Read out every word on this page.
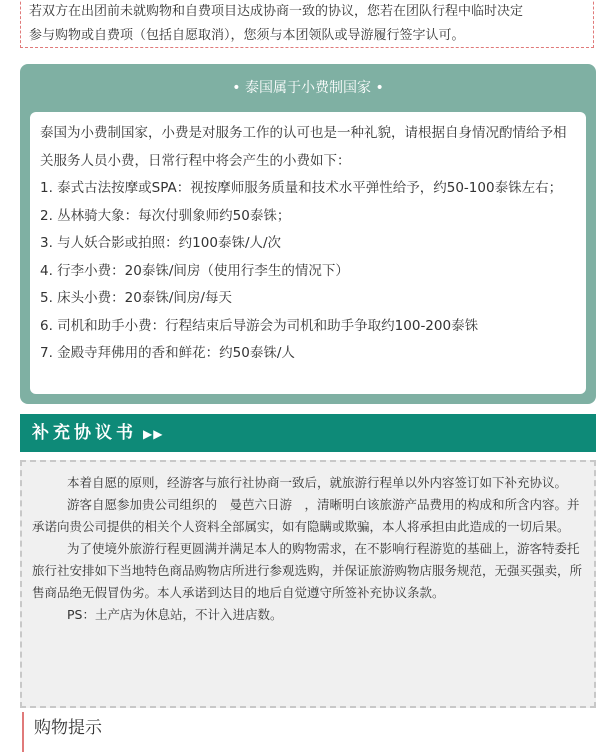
若双方在出团前未就购物和自费项目达成协商一致的协议，您若在团队行程中临时决定

参与购物或自费项（包括自愿取消），您须与本团领队或导游履行签字认可。

• 泰国属于小费制国家 •

泰国为小费制国家，小费是对服务工作的认可也是一种礼貌，请根据自身情况酌情给予相关服务人员小费，日常行程中将会产生的小费如下：

1. 泰式古法按摩或SPA：视按摩师服务质量和技术水平弹性给予，约50-100泰铢左右；

2. 丛林骑大象：每次付驯象师约50泰铢；

3. 与人妖合影或拍照：约100泰铢/人/次

4. 行李小费：20泰铢/间房（使用行李生的情况下）

5. 床头小费：20泰铢/间房/每天

6. 司机和助手小费：行程结束后导游会为司机和助手争取约100-200泰铢

7. 金殿寺拜佛用的香和鲜花：约50泰铢/人

补充协议书 ▶▶

本着自愿的原则，经游客与旅行社协商一致后，就旅游行程单以外内容签订如下补充协议。

游客自愿参加贵公司组织的　曼芭六日游　，清晰明白该旅游产品费用的构成和所含内容。并承诺向贵公司提供的相关个人资料全部属实，如有隐瞒或欺骗，本人将承担由此造成的一切后果。

为了使境外旅游行程更圆满并满足本人的购物需求，在不影响行程游览的基础上，游客特委托旅行社安排如下当地特色商品购物店所进行参观选购，并保证旅游购物店服务规范，无强买强卖，所售商品绝无假冒伪劣。本人承诺到达目的地后自觉遵守所签补充协议条款。

PS：土产店为休息站，不计入进店数。

购物提示
